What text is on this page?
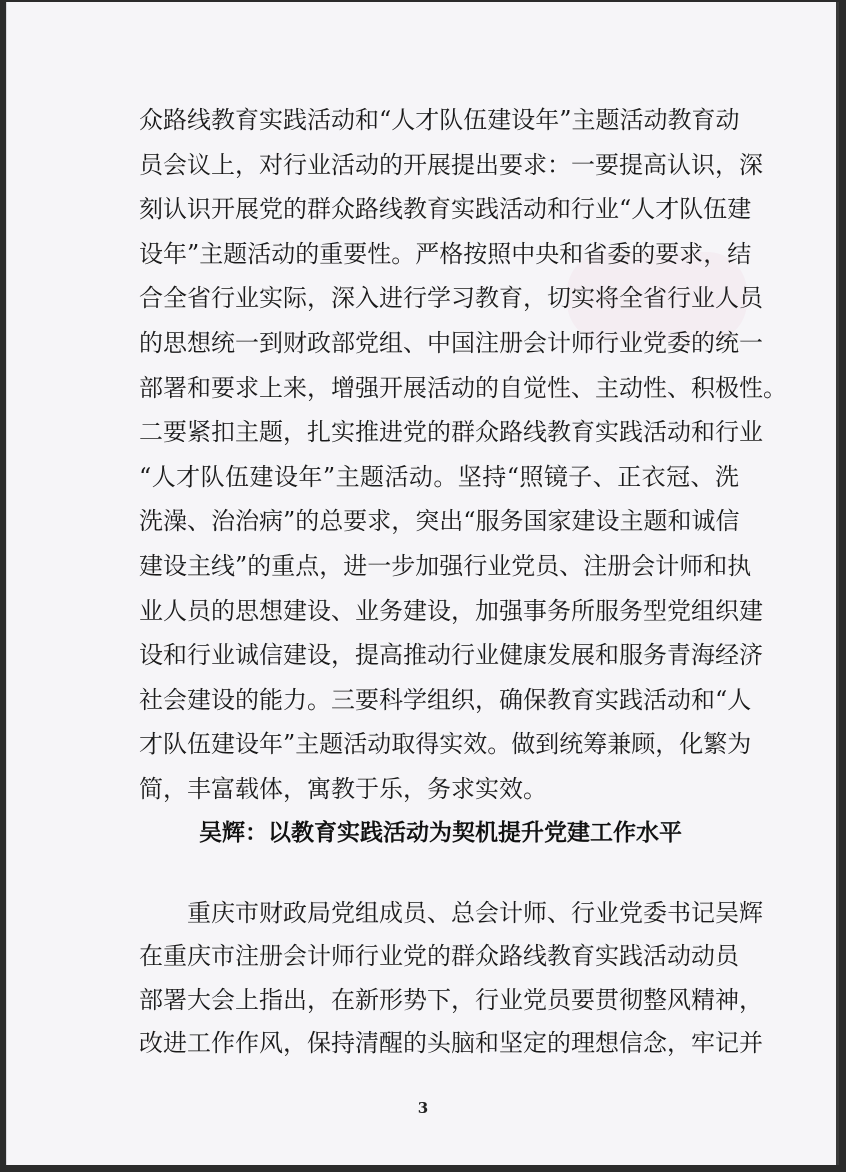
众路线教育实践活动和“人才队伍建设年”主题活动教育动
员会议上，对行业活动的开展提出要求：一要提高认识，深
刻认识开展党的群众路线教育实践活动和行业“人才队伍建
设年”主题活动的重要性。严格按照中央和省委的要求，结
合全省行业实际，深入进行学习教育，切实将全省行业人员
的思想统一到财政部党组、中国注册会计师行业党委的统一
部署和要求上来，增强开展活动的自觉性、主动性、积极性。
二要紧扣主题，扎实推进党的群众路线教育实践活动和行业
“人才队伍建设年”主题活动。坚持“照镜子、正衣冠、洗
洗澡、治治病”的总要求，突出“服务国家建设主题和诚信
建设主线”的重点，进一步加强行业党员、注册会计师和执
业人员的思想建设、业务建设，加强事务所服务型党组织建
设和行业诚信建设，提高推动行业健康发展和服务青海经济
社会建设的能力。三要科学组织，确保教育实践活动和“人
才队伍建设年”主题活动取得实效。做到统筹兼顾，化繁为
简，丰富载体，寓教于乐，务求实效。
吴辉：以教育实践活动为契机提升党建工作水平
重庆市财政局党组成员、总会计师、行业党委书记吴辉
在重庆市注册会计师行业党的群众路线教育实践活动动员
部署大会上指出，在新形势下，行业党员要贯彻整风精神，
改进工作作风，保持清醒的头脑和坚定的理想信念，牢记并
3
